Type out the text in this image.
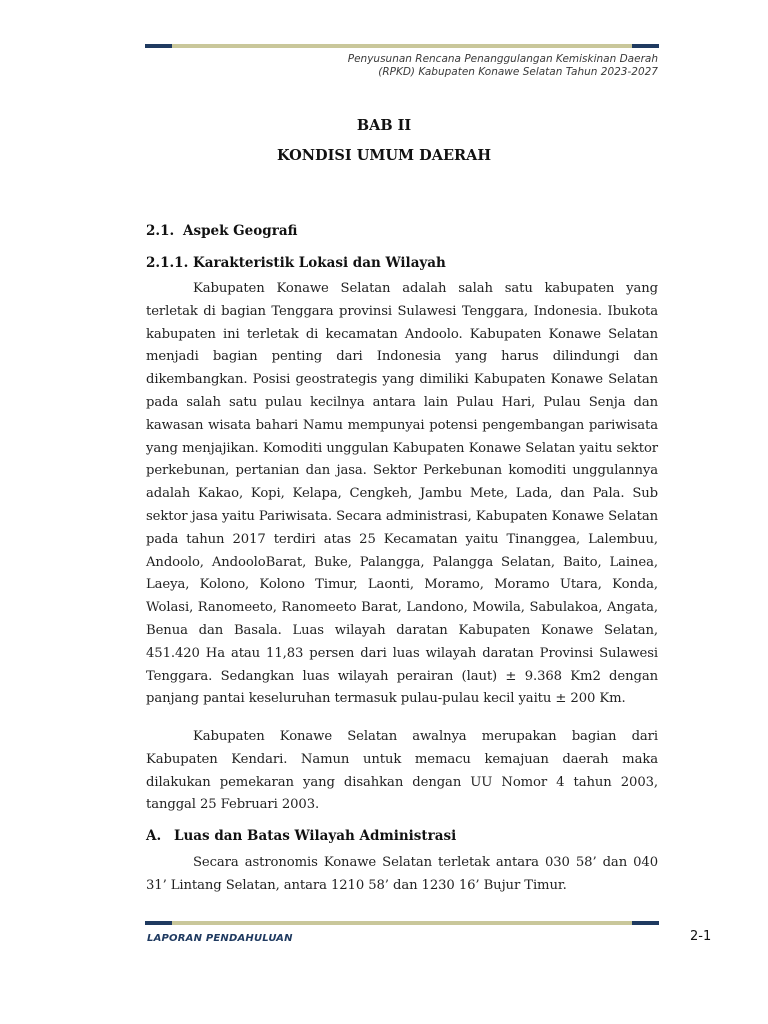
Penyusunan Rencana Penanggulangan Kemiskinan Daerah
(RPKD) Kabupaten Konawe Selatan Tahun 2023-2027
BAB II
KONDISI UMUM DAERAH
2.1. Aspek Geografi
2.1.1. Karakteristik Lokasi dan Wilayah
Kabupaten Konawe Selatan adalah salah satu kabupaten yang terletak di bagian Tenggara provinsi Sulawesi Tenggara, Indonesia. Ibukota kabupaten ini terletak di kecamatan Andoolo. Kabupaten Konawe Selatan menjadi bagian penting dari Indonesia yang harus dilindungi dan dikembangkan. Posisi geostrategis yang dimiliki Kabupaten Konawe Selatan pada salah satu pulau kecilnya antara lain Pulau Hari, Pulau Senja dan kawasan wisata bahari Namu mempunyai potensi pengembangan pariwisata yang menjajikan. Komoditi unggulan Kabupaten Konawe Selatan yaitu sektor perkebunan, pertanian dan jasa. Sektor Perkebunan komoditi unggulannya adalah Kakao, Kopi, Kelapa, Cengkeh, Jambu Mete, Lada, dan Pala. Sub sektor jasa yaitu Pariwisata. Secara administrasi, Kabupaten Konawe Selatan pada tahun 2017 terdiri atas 25 Kecamatan yaitu Tinanggea, Lalembuu, Andoolo, AndooloBarat, Buke, Palangga, Palangga Selatan, Baito, Lainea, Laeya, Kolono, Kolono Timur, Laonti, Moramo, Moramo Utara, Konda, Wolasi, Ranomeeto, Ranomeeto Barat, Landono, Mowila, Sabulakoa, Angata, Benua dan Basala. Luas wilayah daratan Kabupaten Konawe Selatan, 451.420 Ha atau 11,83 persen dari luas wilayah daratan Provinsi Sulawesi Tenggara. Sedangkan luas wilayah perairan (laut) ± 9.368 Km2 dengan panjang pantai keseluruhan termasuk pulau-pulau kecil yaitu ± 200 Km.
Kabupaten Konawe Selatan awalnya merupakan bagian dari Kabupaten Kendari. Namun untuk memacu kemajuan daerah maka dilakukan pemekaran yang disahkan dengan UU Nomor 4 tahun 2003, tanggal 25 Februari 2003.
A. Luas dan Batas Wilayah Administrasi
Secara astronomis Konawe Selatan terletak antara 030 58’ dan 040 31’ Lintang Selatan, antara 1210 58’ dan 1230 16’ Bujur Timur.
LAPORAN PENDAHULUAN	2-1
